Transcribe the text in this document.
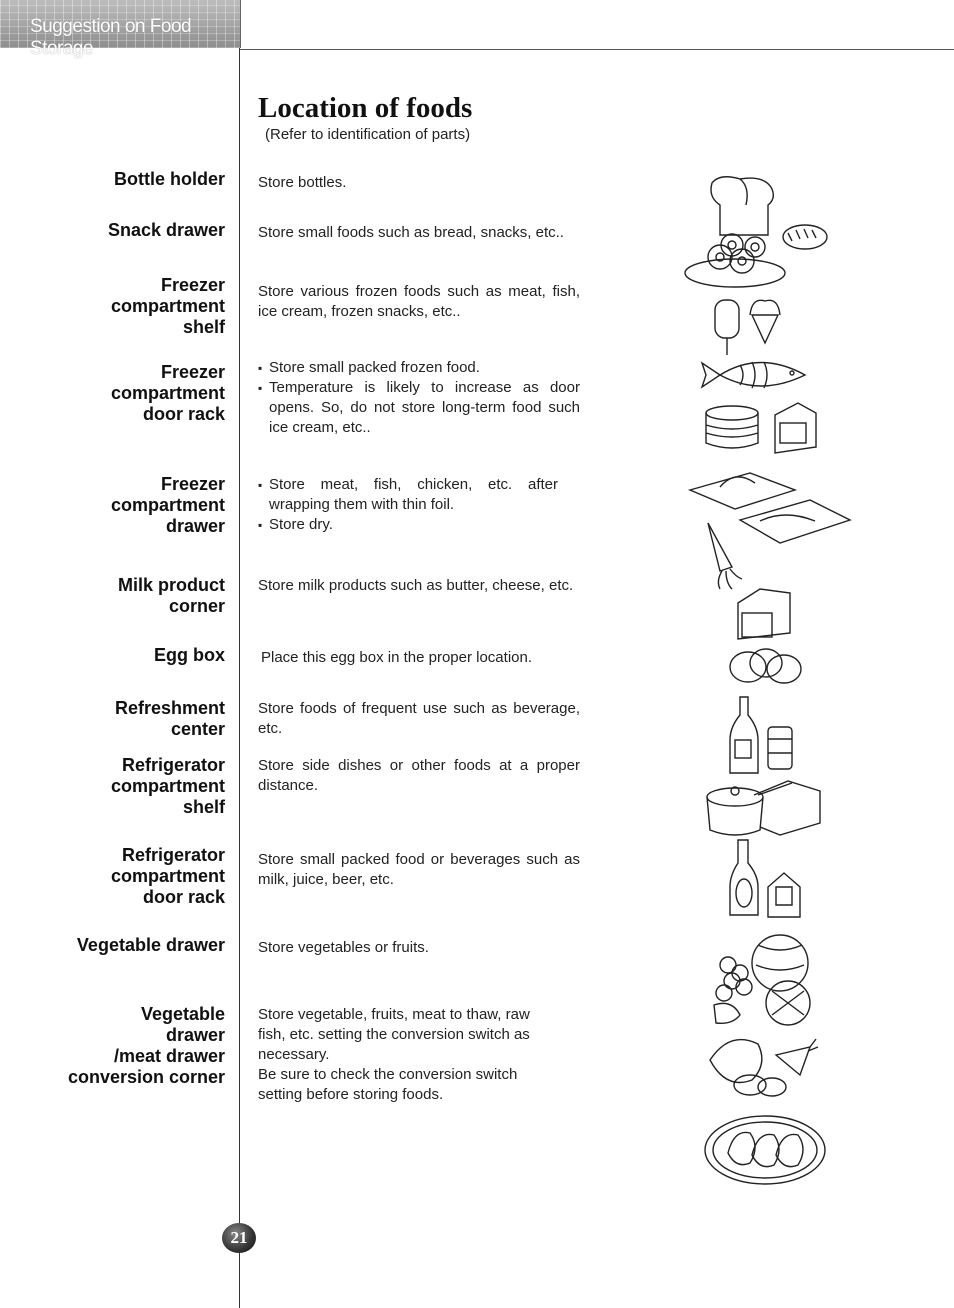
Suggestion on Food Storage
Location of foods
(Refer to identification of parts)
Bottle holder
Snack drawer
Freezer
compartment
shelf
Freezer
compartment
door rack
Freezer
compartment
drawer
Milk product
corner
Egg box
Refreshment
center
Refrigerator
compartment
shelf
Refrigerator
compartment
door rack
Vegetable drawer
Vegetable
drawer
/meat drawer
conversion corner
Store bottles.
Store small foods such as bread, snacks, etc..
Store various frozen foods such as meat, fish, ice cream, frozen snacks, etc..
▪ Store small packed frozen food.
▪ Temperature is likely to increase as door opens. So, do not store long-term food such ice cream, etc..
▪ Store meat, fish, chicken, etc. after wrapping them with thin foil.
▪ Store dry.
Store milk products such as butter, cheese, etc.
Place this egg box in the proper location.
Store foods of frequent use such as beverage, etc.
Store side dishes or other foods at a proper distance.
Store small packed food or beverages such as milk, juice, beer, etc.
Store vegetables or fruits.
Store vegetable, fruits, meat to thaw, raw fish, etc. setting the conversion switch as necessary.
Be sure to check the conversion switch setting before storing foods.
21
